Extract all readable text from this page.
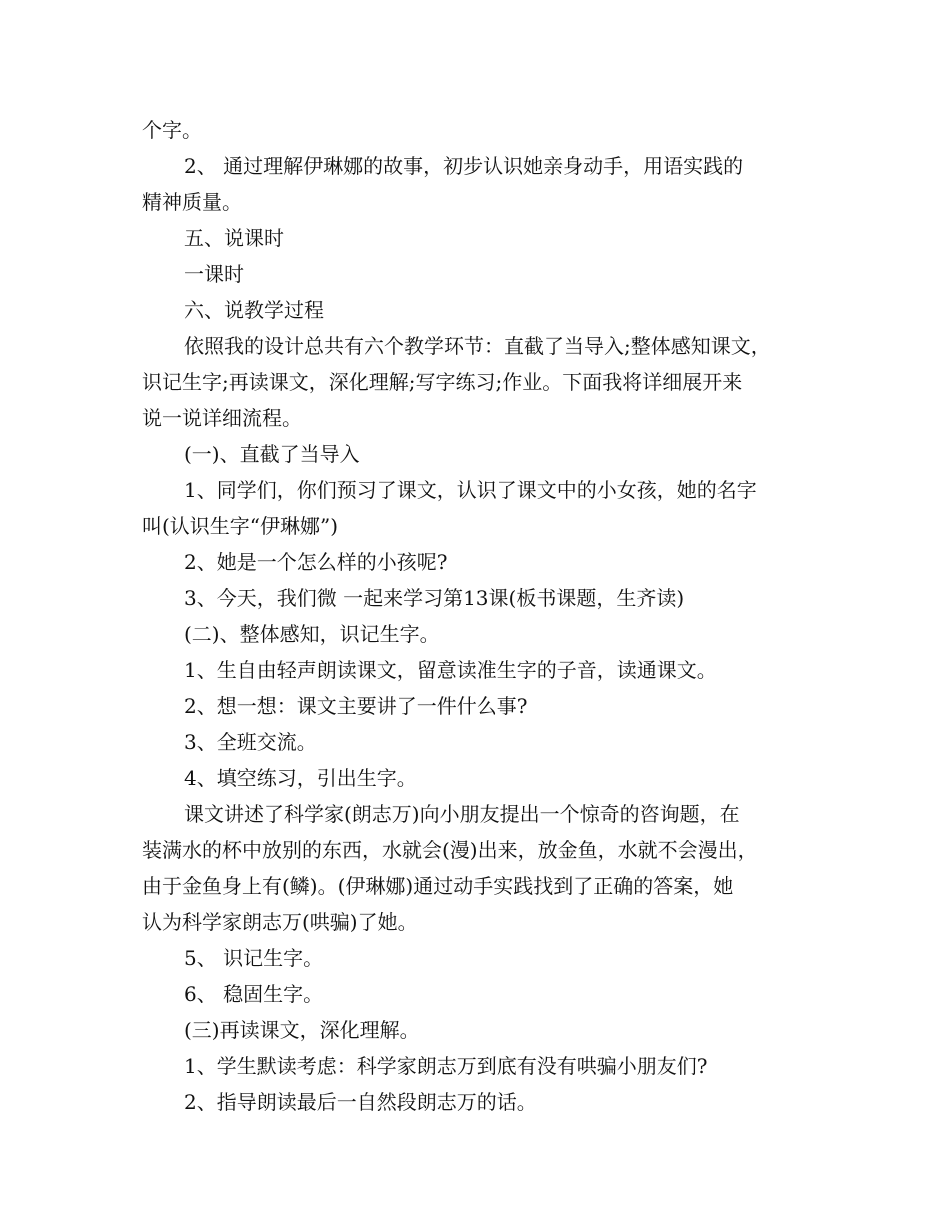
个字。
2、 通过理解伊琳娜的故事，初步认识她亲身动手，用语实践的
精神质量。
五、说课时
一课时
六、说教学过程
依照我的设计总共有六个教学环节：直截了当导入;整体感知课文，
识记生字;再读课文，深化理解;写字练习;作业。下面我将详细展开来
说一说详细流程。
(一)、直截了当导入
1、同学们，你们预习了课文，认识了课文中的小女孩，她的名字
叫(认识生字“伊琳娜”)
2、她是一个怎么样的小孩呢?
3、今天，我们微 一起来学习第13课(板书课题，生齐读)
(二)、整体感知，识记生字。
1、生自由轻声朗读课文，留意读准生字的子音，读通课文。
2、想一想：课文主要讲了一件什么事?
3、全班交流。
4、填空练习，引出生字。
课文讲述了科学家(朗志万)向小朋友提出一个惊奇的咨询题，在
装满水的杯中放别的东西，水就会(漫)出来，放金鱼，水就不会漫出，
由于金鱼身上有(鳞)。(伊琳娜)通过动手实践找到了正确的答案，她
认为科学家朗志万(哄骗)了她。
5、 识记生字。
6、 稳固生字。
(三)再读课文，深化理解。
1、学生默读考虑：科学家朗志万到底有没有哄骗小朋友们?
2、指导朗读最后一自然段朗志万的话。
